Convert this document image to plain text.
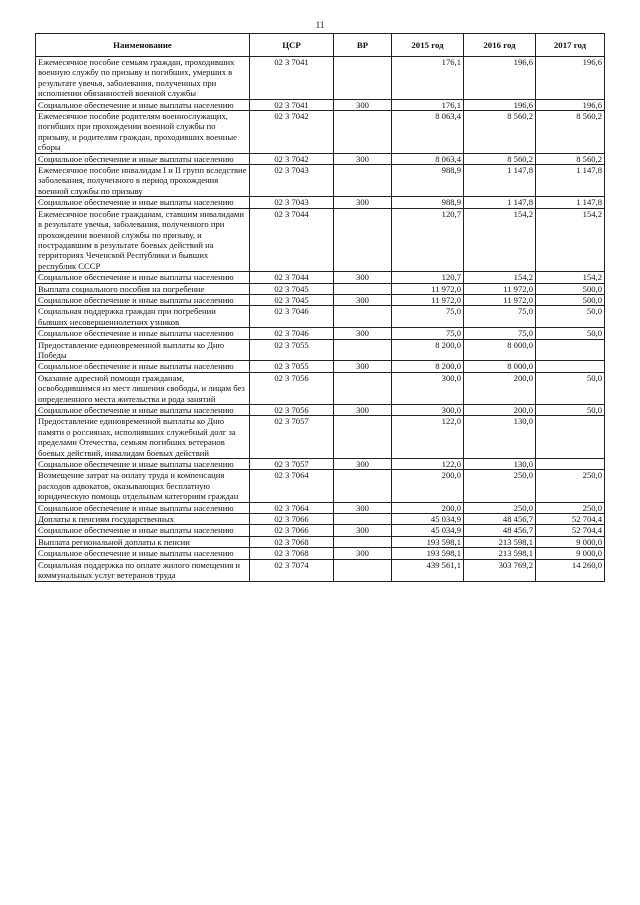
11
Наименование	ЦСР	ВР	2015 год	2016 год	2017 год
Ежемесячное пособие семьям граждан, проходивших военную службу по призыву и погибших, умерших в результате увечья, заболевания, полученных при исполнении обязанностей военной службы	02 3 7041		176,1	196,6	196,6
Социальное обеспечение и иные выплаты населению	02 3 7041	300	176,1	196,6	196,6
Ежемесячное пособие родителям военнослужащих, погибших при прохождении военной службы по призыву, и родителям граждан, проходивших военные сборы	02 3 7042		8 063,4	8 560,2	8 560,2
Социальное обеспечение и иные выплаты населению	02 3 7042	300	8 063,4	8 560,2	8 560,2
Ежемесячное пособие инвалидам I и II групп вследствие заболевания, полученного в период прохождения военной службы по призыву	02 3 7043		988,9	1 147,8	1 147,8
Социальное обеспечение и иные выплаты населению	02 3 7043	300	988,9	1 147,8	1 147,8
Ежемесячное пособие гражданам, ставшим инвалидами в результате увечья, заболевания, полученного при прохождении военной службы по призыву, и пострадавшим в результате боевых действий на территориях Чеченской Республики и бывших республик СССР	02 3 7044		120,7	154,2	154,2
Социальное обеспечение и иные выплаты населению	02 3 7044	300	120,7	154,2	154,2
Выплата социального пособия на погребение	02 3 7045		11 972,0	11 972,0	500,0
Социальное обеспечение и иные выплаты населению	02 3 7045	300	11 972,0	11 972,0	500,0
Социальная поддержка граждан при погребении бывших несовершеннолетних узников	02 3 7046		75,0	75,0	50,0
Социальное обеспечение и иные выплаты населению	02 3 7046	300	75,0	75,0	50,0
Предоставление единовременной выплаты ко Дню Победы	02 3 7055		8 200,0	8 000,0	
Социальное обеспечение и иные выплаты населению	02 3 7055	300	8 200,0	8 000,0	
Оказание адресной помощи гражданам, освободившимся из мест лишения свободы, и лицам без определенного места жительства и рода занятий	02 3 7056		300,0	200,0	50,0
Социальное обеспечение и иные выплаты населению	02 3 7056	300	300,0	200,0	50,0
Предоставление единовременной выплаты ко Дню памяти о россиянах, исполнявших служебный долг за пределами Отечества, семьям погибших ветеранов боевых действий, инвалидам боевых действий	02 3 7057		122,0	130,0	
Социальное обеспечение и иные выплаты населению	02 3 7057	300	122,0	130,0	
Возмещение затрат на оплату труда и компенсация расходов адвокатов, оказывающих бесплатную юридическую помощь отдельным категориям граждан	02 3 7064		200,0	250,0	250,0
Социальное обеспечение и иные выплаты населению	02 3 7064	300	200,0	250,0	250,0
Доплаты к пенсиям государственных	02 3 7066		45 034,9	48 456,7	52 704,4
Социальное обеспечение и иные выплаты населению	02 3 7066	300	45 034,9	48 456,7	52 704,4
Выплата региональной доплаты к пенсии	02 3 7068		193 598,1	213 598,1	9 000,0
Социальное обеспечение и иные выплаты населению	02 3 7068	300	193 598,1	213 598,1	9 000,0
Социальная поддержка по оплате жилого помещения и коммунальных услуг ветеранов труда	02 3 7074		439 561,1	303 769,2	14 260,0
